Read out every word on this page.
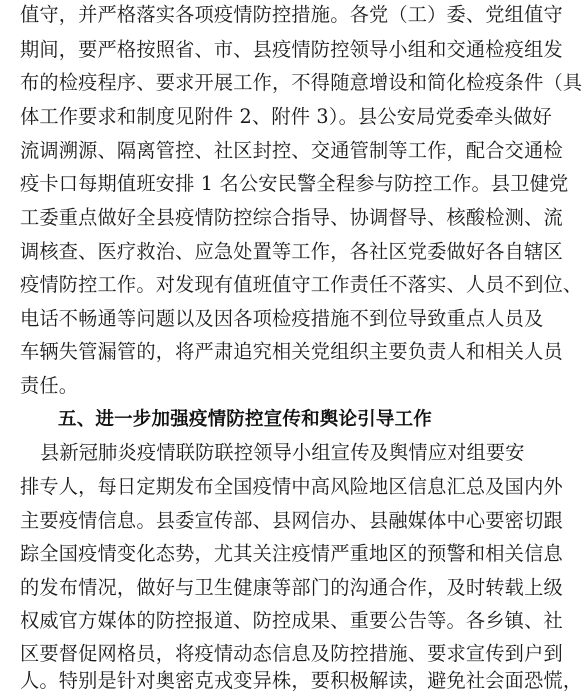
值守，并严格落实各项疫情防控措施。各党（工）委、党组值守
期间，要严格按照省、市、县疫情防控领导小组和交通检疫组发
布的检疫程序、要求开展工作，不得随意增设和简化检疫条件（具
体工作要求和制度见附件 2、附件 3）。县公安局党委牵头做好
流调溯源、隔离管控、社区封控、交通管制等工作，配合交通检
疫卡口每期值班安排 1 名公安民警全程参与防控工作。县卫健党
工委重点做好全县疫情防控综合指导、协调督导、核酸检测、流
调核查、医疗救治、应急处置等工作，各社区党委做好各自辖区
疫情防控工作。对发现有值班值守工作责任不落实、人员不到位、
电话不畅通等问题以及因各项检疫措施不到位导致重点人员及
车辆失管漏管的，将严肃追究相关党组织主要负责人和相关人员
责任。
五、进一步加强疫情防控宣传和舆论引导工作
县新冠肺炎疫情联防联控领导小组宣传及舆情应对组要安
排专人，每日定期发布全国疫情中高风险地区信息汇总及国内外
主要疫情信息。县委宣传部、县网信办、县融媒体中心要密切跟
踪全国疫情变化态势，尤其关注疫情严重地区的预警和相关信息
的发布情况，做好与卫生健康等部门的沟通合作，及时转载上级
权威官方媒体的防控报道、防控成果、重要公告等。各乡镇、社
区要督促网格员，将疫情动态信息及防控措施、要求宣传到户到
人。特别是针对奥密克戎变异株，要积极解读，避免社会面恐慌，
